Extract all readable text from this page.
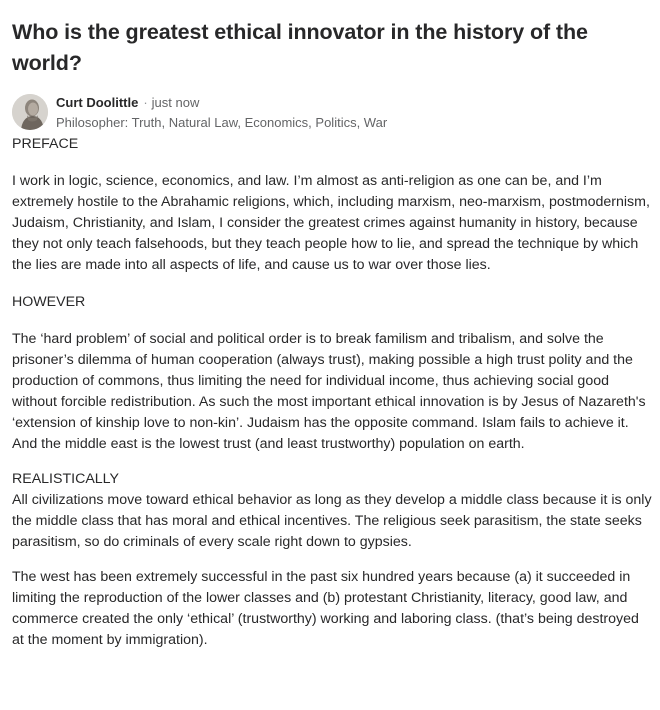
Who is the greatest ethical innovator in the history of the world?
Curt Doolittle · just now
Philosopher: Truth, Natural Law, Economics, Politics, War

PREFACE

I work in logic, science, economics, and law. I’m almost as anti-religion as one can be, and I’m extremely hostile to the Abrahamic religions, which, including marxism, neo-marxism, postmodernism, Judaism, Christianity, and Islam, I consider the greatest crimes against humanity in history, because they not only teach falsehoods, but they teach people how to lie, and spread the technique by which the lies are made into all aspects of life, and cause us to war over those lies.

HOWEVER

The ‘hard problem’ of social and political order is to break familism and tribalism, and solve the prisoner’s dilemma of human cooperation (always trust), making possible a high trust polity and the production of commons, thus limiting the need for individual income, thus achieving social good without forcible redistribution. As such the most important ethical innovation is by Jesus of Nazareth's ‘extension of kinship love to non-kin’. Judaism has the opposite command. Islam fails to achieve it. And the middle east is the lowest trust (and least trustworthy) population on earth.

REALISTICALLY

All civilizations move toward ethical behavior as long as they develop a middle class because it is only the middle class that has moral and ethical incentives. The religious seek parasitism, the state seeks parasitism, so do criminals of every scale right down to gypsies.

The west has been extremely successful in the past six hundred years because (a) it succeeded in limiting the reproduction of the lower classes and (b) protestant Christianity, literacy, good law, and commerce created the only ‘ethical’ (trustworthy) working and laboring class. (that’s being destroyed at the moment by immigration).
